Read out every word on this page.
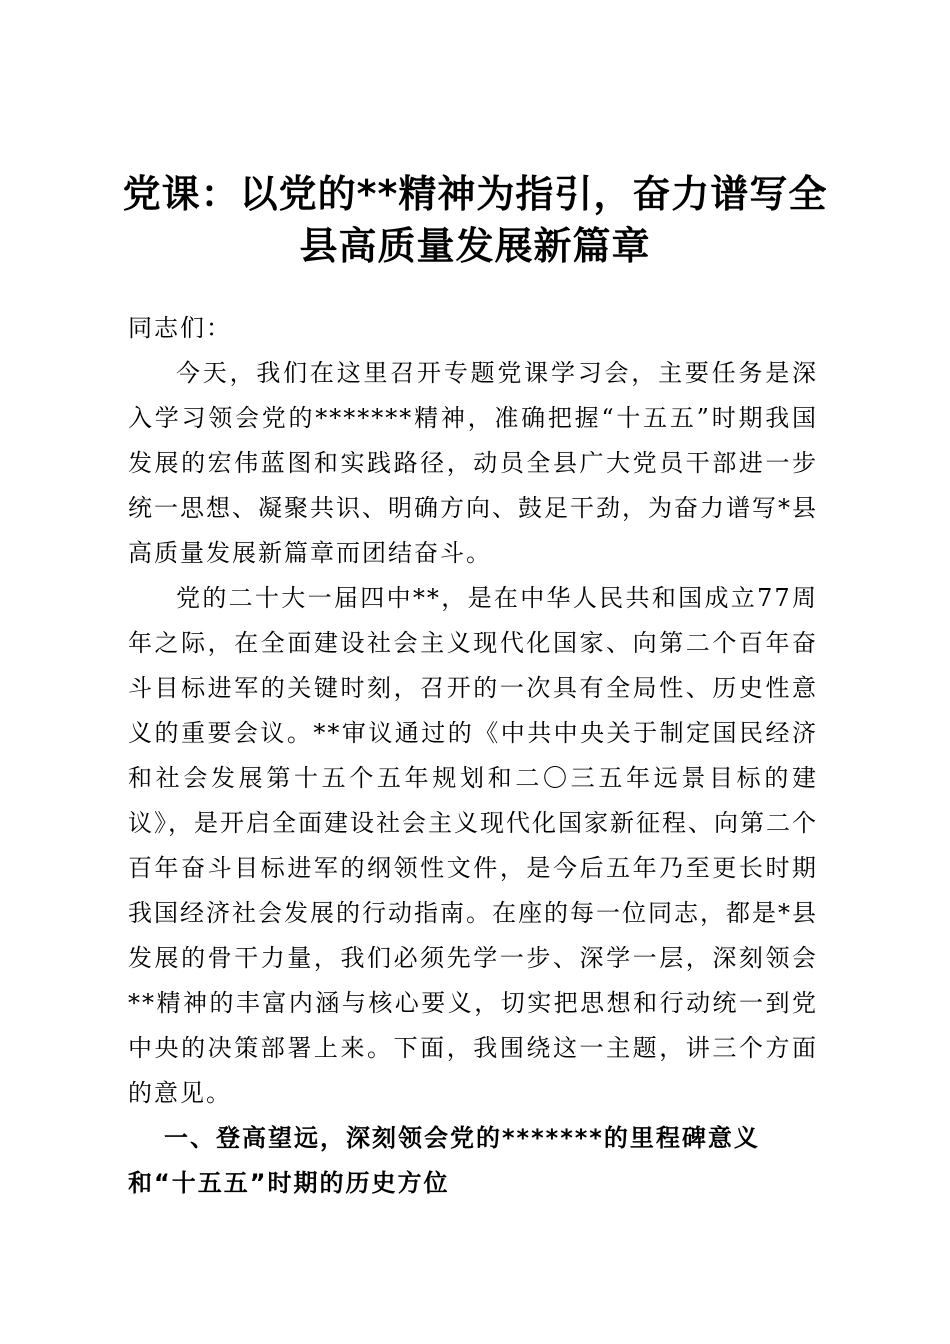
党课：以党的**精神为指引，奋力谱写全县高质量发展新篇章

同志们：

今天，我们在这里召开专题党课学习会，主要任务是深入学习领会党的*******精神，准确把握“十五五”时期我国发展的宏伟蓝图和实践路径，动员全县广大党员干部进一步统一思想、凝聚共识、明确方向、鼓足干劲，为奋力谱写*县高质量发展新篇章而团结奋斗。

党的二十大一届四中**，是在中华人民共和国成立77周年之际，在全面建设社会主义现代化国家、向第二个百年奋斗目标进军的关键时刻，召开的一次具有全局性、历史性意义的重要会议。**审议通过的《中共中央关于制定国民经济和社会发展第十五个五年规划和二〇三五年远景目标的建议》，是开启全面建设社会主义现代化国家新征程、向第二个百年奋斗目标进军的纲领性文件，是今后五年乃至更长时期我国经济社会发展的行动指南。在座的每一位同志，都是*县发展的骨干力量，我们必须先学一步、深学一层，深刻领会**精神的丰富内涵与核心要义，切实把思想和行动统一到党中央的决策部署上来。下面，我围绕这一主题，讲三个方面的意见。

一、登高望远，深刻领会党的*******的里程碑意义和“十五五”时期的历史方位
